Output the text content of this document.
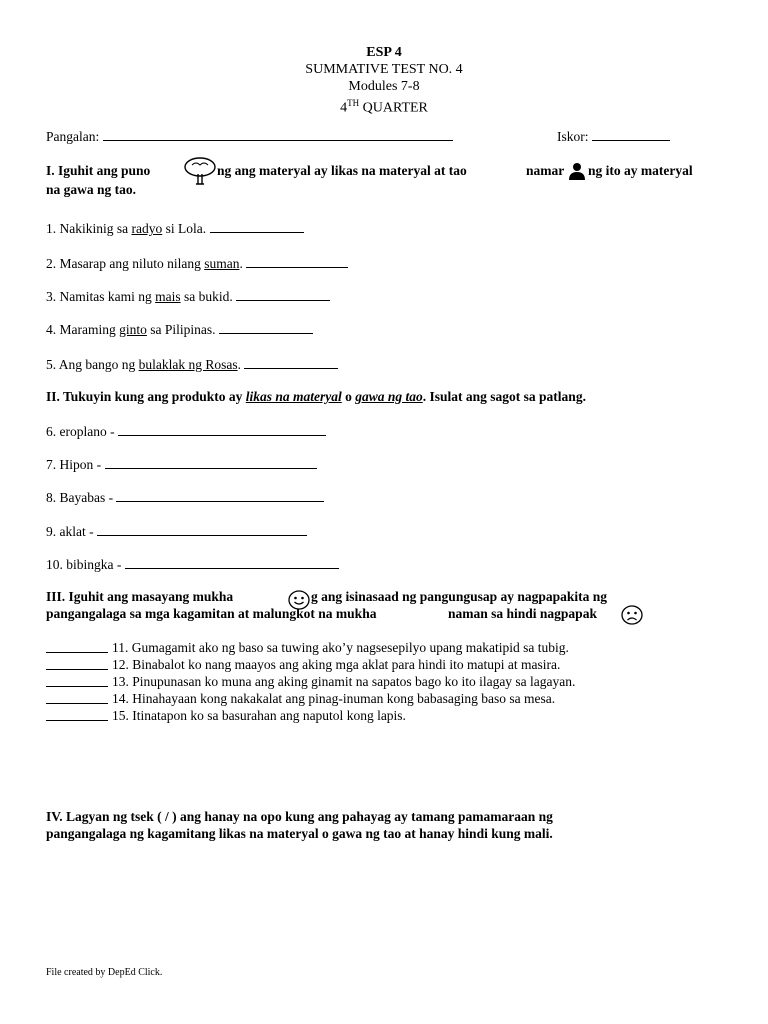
ESP 4
SUMMATIVE TEST NO. 4
Modules 7-8
4TH QUARTER
Pangalan:	Iskor:
I. Iguhit ang puno	ng ang materyal ay likas na materyal at tao	namar ng ito ay materyal
na gawa ng tao.
1. Nakikinig sa radyo si Lola.
2. Masarap ang niluto nilang suman.
3. Namitas kami ng mais sa bukid.
4. Maraming ginto sa Pilipinas.
5. Ang bango ng bulaklak ng Rosas.
II. Tukuyin kung ang produkto ay likas na materyal o gawa ng tao. Isulat ang sagot sa patlang.
6. eroplano -
7. Hipon -
8. Bayabas -
9. aklat -
10. bibingka -
III. Iguhit ang masayang mukha	g ang isinasaad ng pangungusap ay nagpapakita ng
pangangalaga sa mga kagamitan at malungkot na mukha	naman sa hindi nagpapak
11. Gumagamit ako ng baso sa tuwing ako’y nagsesepilyo upang makatipid sa tubig.
12. Binabalot ko nang maayos ang aking mga aklat para hindi ito matupi at masira.
13. Pinupunasan ko muna ang aking ginamit na sapatos bago ko ito ilagay sa lagayan.
14. Hinahayaan kong nakakalat ang pinag-inuman kong babasaging baso sa mesa.
15. Itinatapon ko sa basurahan ang naputol kong lapis.
IV. Lagyan ng tsek ( / ) ang hanay na opo kung ang pahayag ay tamang pamamaraan ng
pangangalaga ng kagamitang likas na materyal o gawa ng tao at hanay hindi kung mali.
File created by DepEd Click.
